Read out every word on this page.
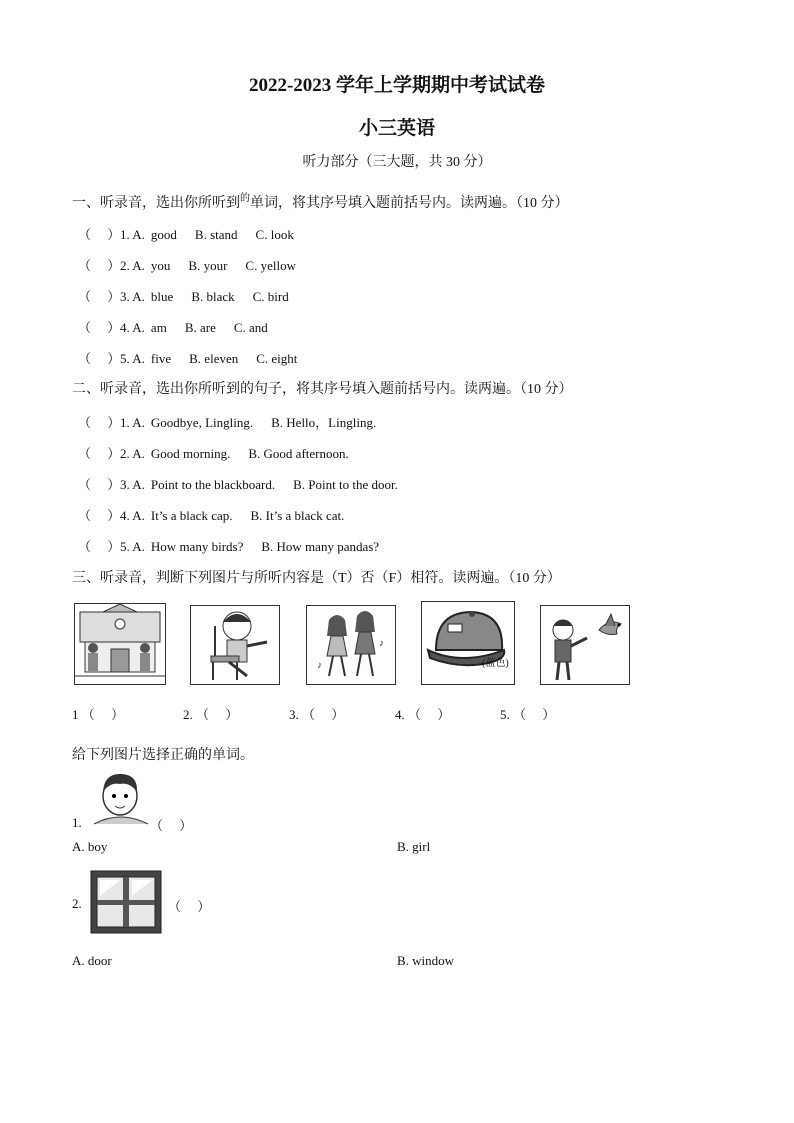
2022-2023 学年上学期期中考试试卷
小三英语
听力部分（三大题，共 30 分）
一、听录音，选出你所听到$^的$单词，将其序号填入题前括号内。读两遍。（10 分）
（　 ）1. A. good B. stand C. look
（　 ）2. A. you B. your C. yellow
（　 ）3. A. blue B. black C. bird
（　 ）4. A. am B. are C. and
（　 ）5. A. five B. eleven C. eight
二、听录音，选出你所听到的句子，将其序号填入题前括号内。读两遍。（10 分）
（　 ）1. A. Goodbye, Lingling. B. Hello，Lingling.
（　 ）2. A. Good morning. B. Good afternoon.
（　 ）3. A. Point to the blackboard. B. Point to the door.
（　 ）4. A. It’s a black cap. B. It’s a black cat.
（　 ）5. A. How many birds? B. How many pandas?
三、听录音，判断下列图片与所听内容是（T）否（F）相符。读两遍。（10 分）
♪
♪
(蓝色)
1 （　 ）	2. （　 ）	3. （　 ）	4. （　 ）	5. （　 ）
给下列图片选择正确的单词。
1.	（　 ）
A. boy	B. girl
2.	（　 ）
A. door	B. window
